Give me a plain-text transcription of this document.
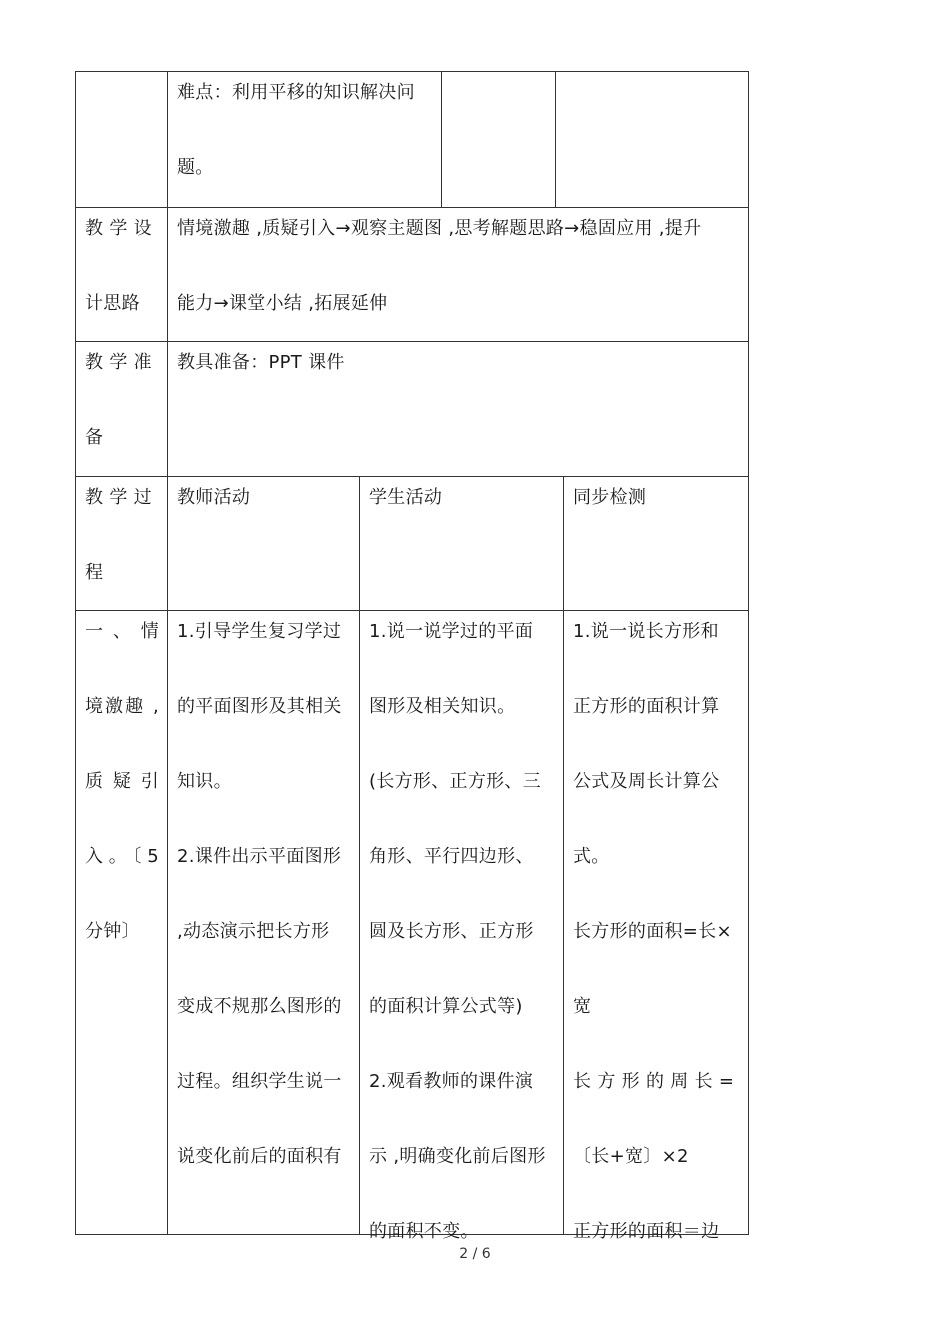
难点：利用平移的知识解决问
题。
教 学 设
计思路
情境激趣 ,质疑引入→观察主题图 ,思考解题思路→稳固应用 ,提升
能力→课堂小结 ,拓展延伸
教 学 准
备
教具准备：PPT 课件
教 学 过
程
教师活动	学生活动	同步检测
一 、 情
境激趣 ,
质 疑 引
入。〔5
分钟〕
1.引导学生复习学过
的平面图形及其相关
知识。
2.课件出示平面图形
,动态演示把长方形
变成不规那么图形的
过程。组织学生说一
说变化前后的面积有
1.说一说学过的平面
图形及相关知识。
(长方形、正方形、三
角形、平行四边形、
圆及长方形、正方形
的面积计算公式等)
2.观看教师的课件演
示 ,明确变化前后图形
的面积不变。
1.说一说长方形和
正方形的面积计算
公式及周长计算公
式。
长方形的面积=长×
宽
长 方 形 的 周 长 =
〔长+宽〕×2
正方形的面积＝边
2 / 6
